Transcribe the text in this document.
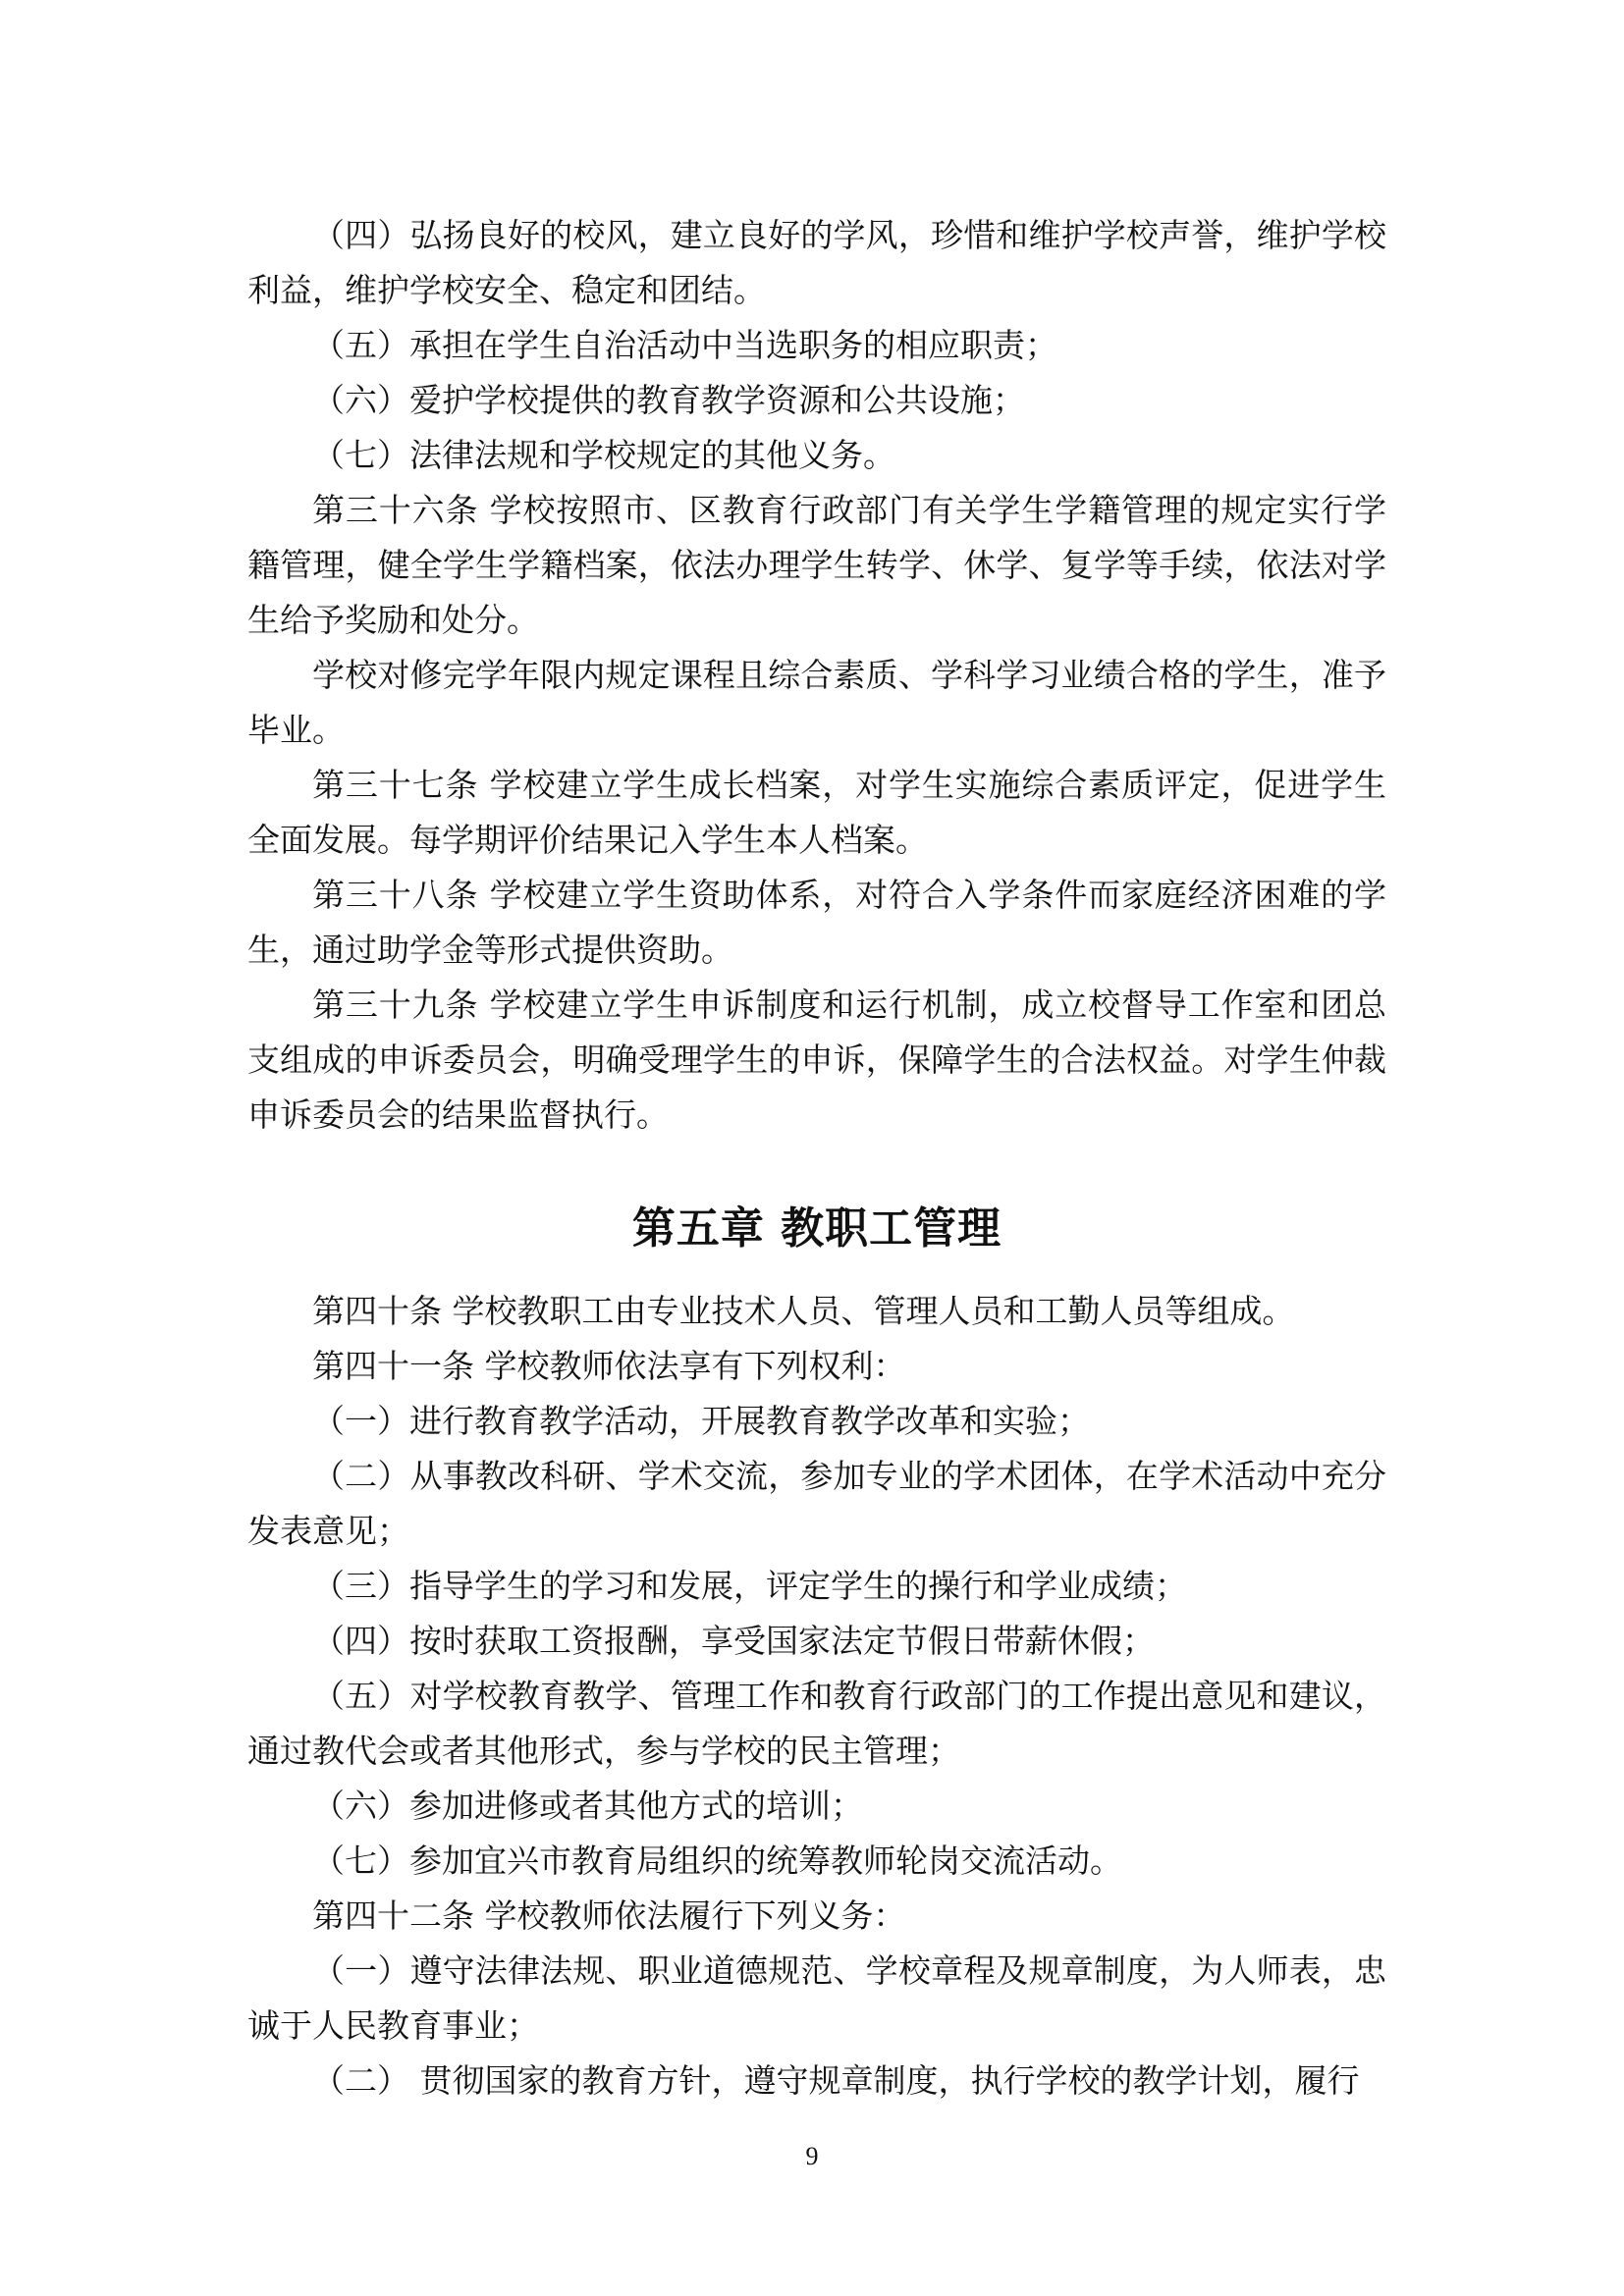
（四）弘扬良好的校风，建立良好的学风，珍惜和维护学校声誉，维护学校利益，维护学校安全、稳定和团结。

（五）承担在学生自治活动中当选职务的相应职责；

（六）爱护学校提供的教育教学资源和公共设施；

（七）法律法规和学校规定的其他义务。

第三十六条 学校按照市、区教育行政部门有关学生学籍管理的规定实行学籍管理，健全学生学籍档案，依法办理学生转学、休学、复学等手续，依法对学生给予奖励和处分。

学校对修完学年限内规定课程且综合素质、学科学习业绩合格的学生，准予毕业。

第三十七条 学校建立学生成长档案，对学生实施综合素质评定，促进学生全面发展。每学期评价结果记入学生本人档案。

第三十八条 学校建立学生资助体系，对符合入学条件而家庭经济困难的学生，通过助学金等形式提供资助。

第三十九条 学校建立学生申诉制度和运行机制，成立校督导工作室和团总支组成的申诉委员会，明确受理学生的申诉，保障学生的合法权益。对学生仲裁申诉委员会的结果监督执行。

第五章 教职工管理

第四十条 学校教职工由专业技术人员、管理人员和工勤人员等组成。

第四十一条 学校教师依法享有下列权利：

（一）进行教育教学活动，开展教育教学改革和实验；

（二）从事教改科研、学术交流，参加专业的学术团体，在学术活动中充分发表意见；

（三）指导学生的学习和发展，评定学生的操行和学业成绩；

（四）按时获取工资报酬，享受国家法定节假日带薪休假；

（五）对学校教育教学、管理工作和教育行政部门的工作提出意见和建议，通过教代会或者其他形式，参与学校的民主管理；

（六）参加进修或者其他方式的培训；

（七）参加宜兴市教育局组织的统筹教师轮岗交流活动。

第四十二条 学校教师依法履行下列义务：

（一）遵守法律法规、职业道德规范、学校章程及规章制度，为人师表，忠诚于人民教育事业；

（二） 贯彻国家的教育方针，遵守规章制度，执行学校的教学计划，履行

9
